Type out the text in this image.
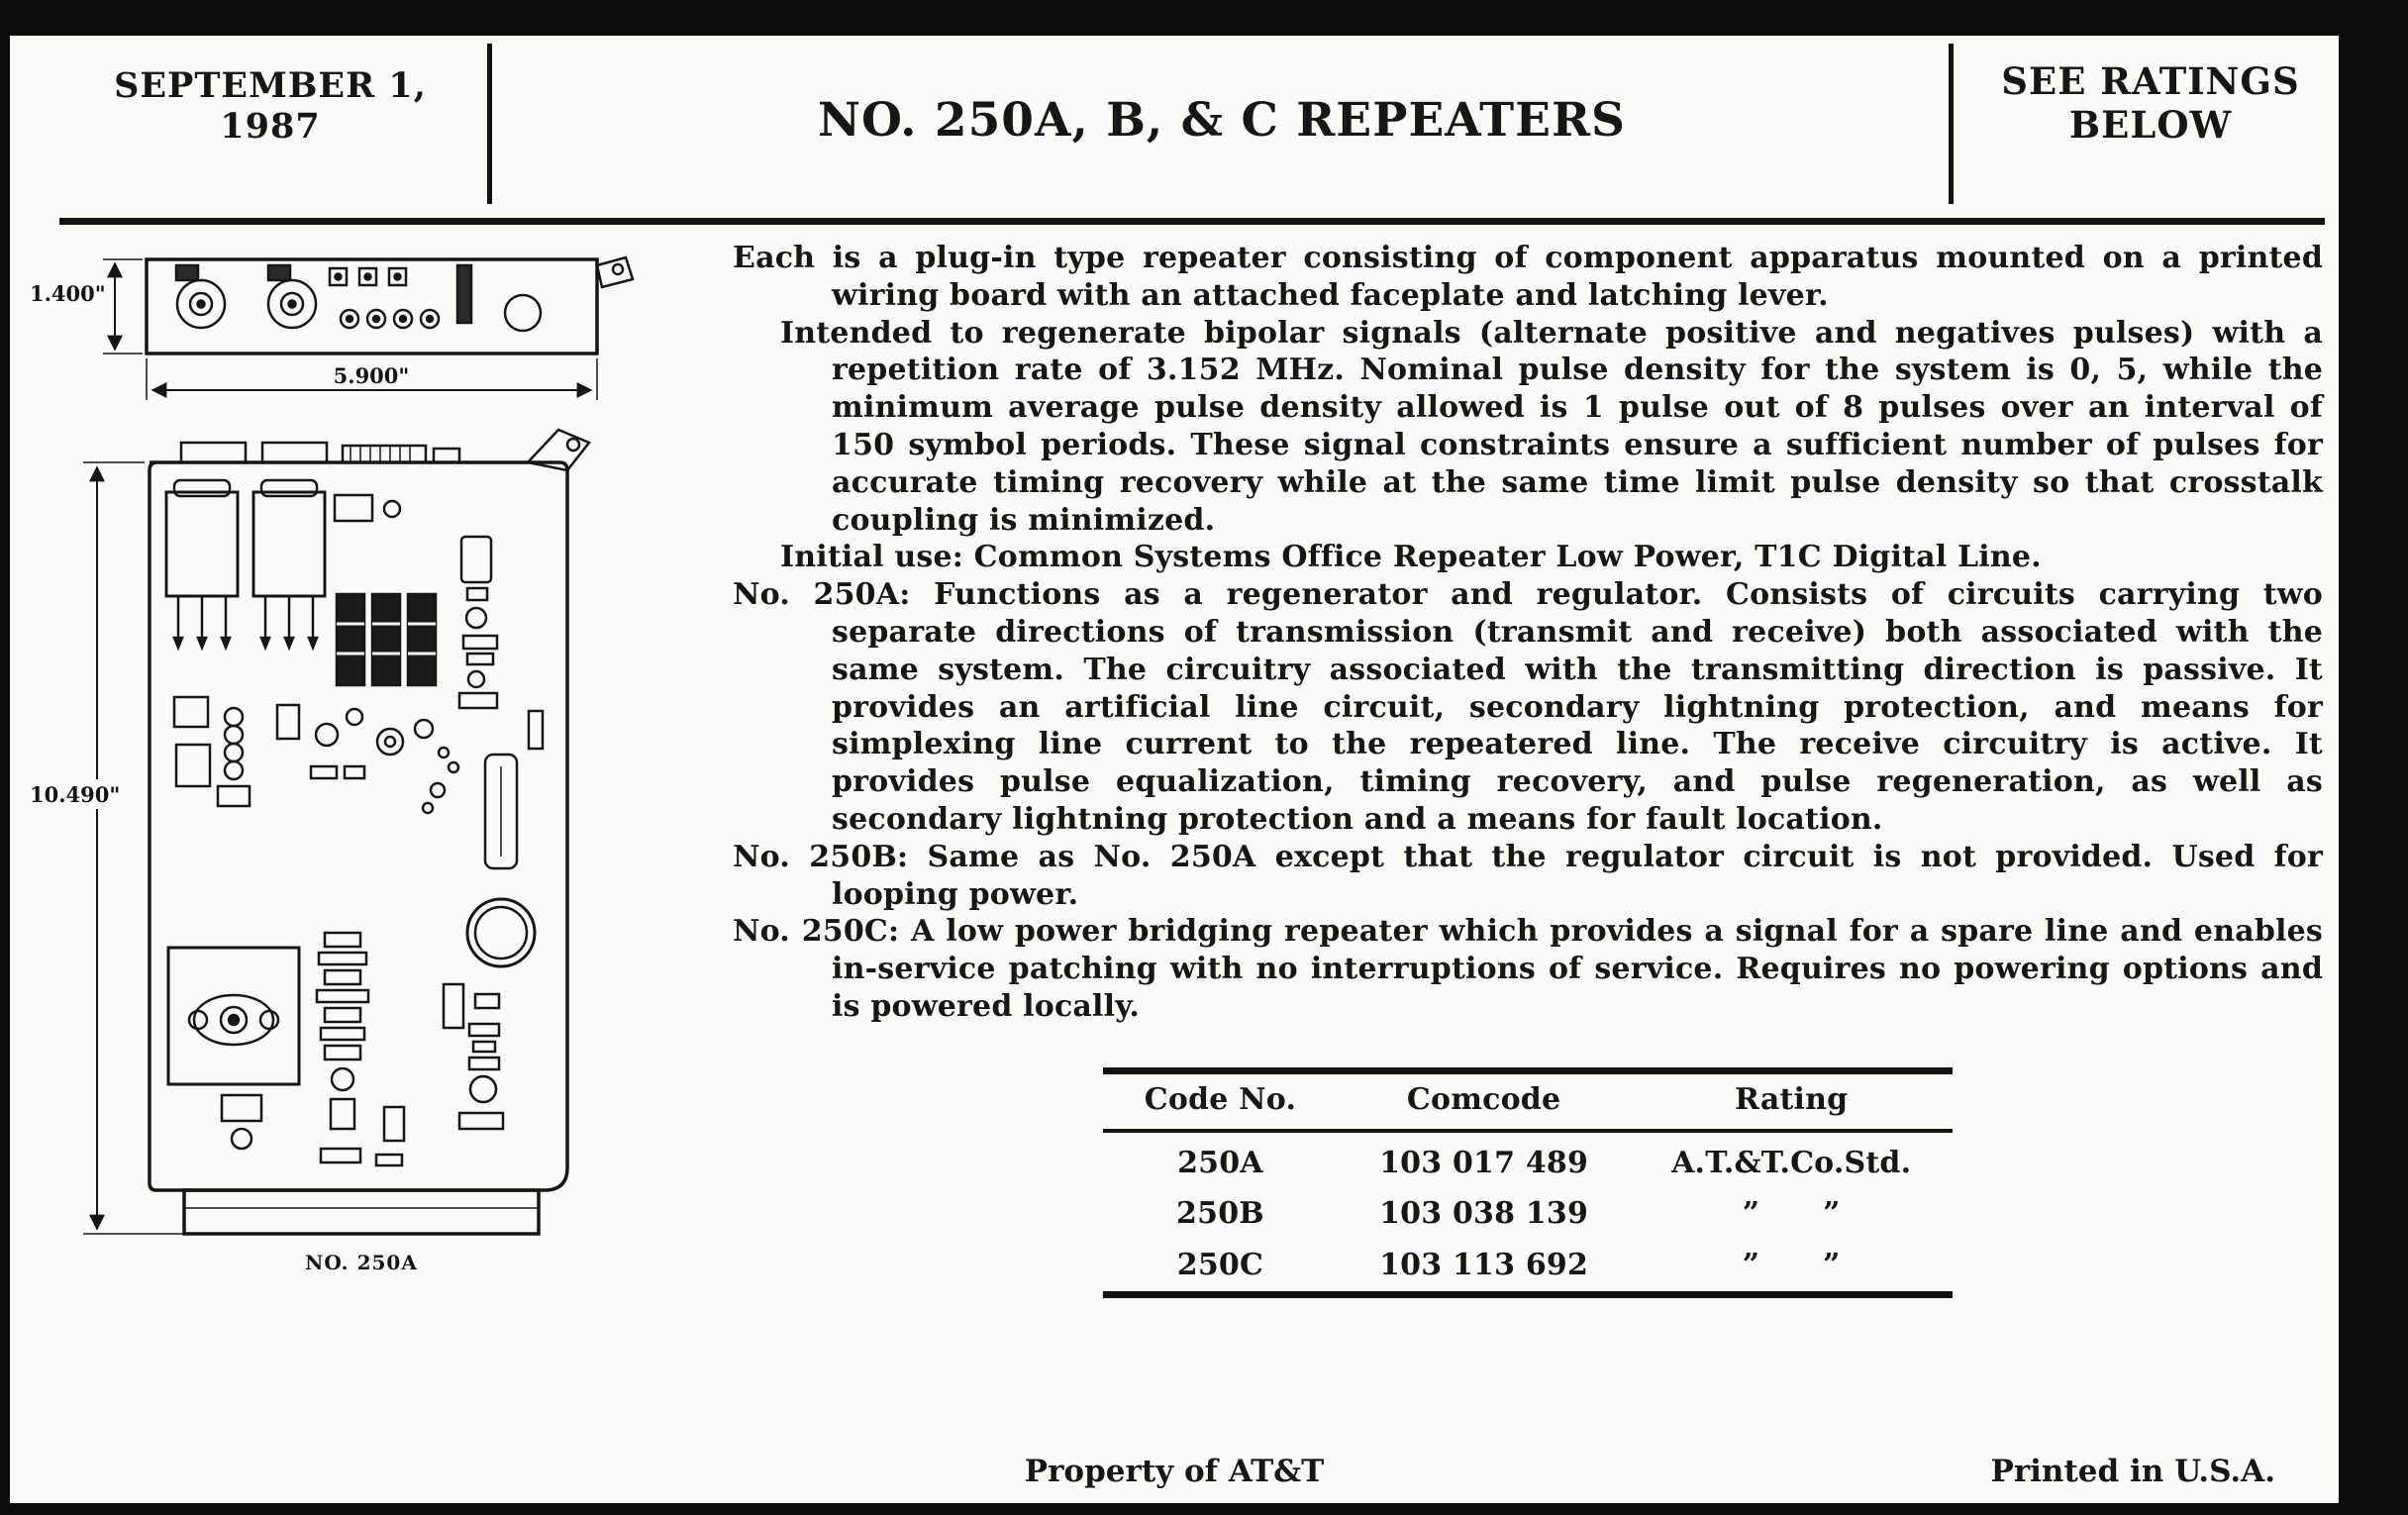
SEPTEMBER 1,
1987	NO. 250A, B, & C REPEATERS
SEE RATINGS
BELOW
1.400"
5.900"
10.490"
NO. 250A

Each is a plug-in type repeater consisting of component apparatus mounted on a printed wiring board with an attached faceplate and latching lever.

Intended to regenerate bipolar signals (alternate positive and negatives pulses) with a repetition rate of 3.152 MHz. Nominal pulse density for the system is 0, 5, while the minimum average pulse density allowed is 1 pulse out of 8 pulses over an interval of 150 symbol periods. These signal constraints ensure a sufficient number of pulses for accurate timing recovery while at the same time limit pulse density so that crosstalk coupling is minimized.

Initial use: Common Systems Office Repeater Low Power, T1C Digital Line.

No. 250A: Functions as a regenerator and regulator. Consists of circuits carrying two separate directions of transmission (transmit and receive) both associated with the same system. The circuitry associated with the transmitting direction is passive. It provides an artificial line circuit, secondary lightning protection, and means for simplexing line current to the repeatered line. The receive circuitry is active. It provides pulse equalization, timing recovery, and pulse regeneration, as well as secondary lightning protection and a means for fault location.

No. 250B: Same as No. 250A except that the regulator circuit is not provided. Used for looping power.

No. 250C: A low power bridging repeater which provides a signal for a spare line and enables in-service patching with no interruptions of service. Requires no powering options and is powered locally.

Code No.	Comcode	Rating
250A	103 017 489	A.T.&T.Co.Std.
250B	103 038 139	”      ”
250C	103 113 692	”      ”
Property of AT&T	Printed in U.S.A.
